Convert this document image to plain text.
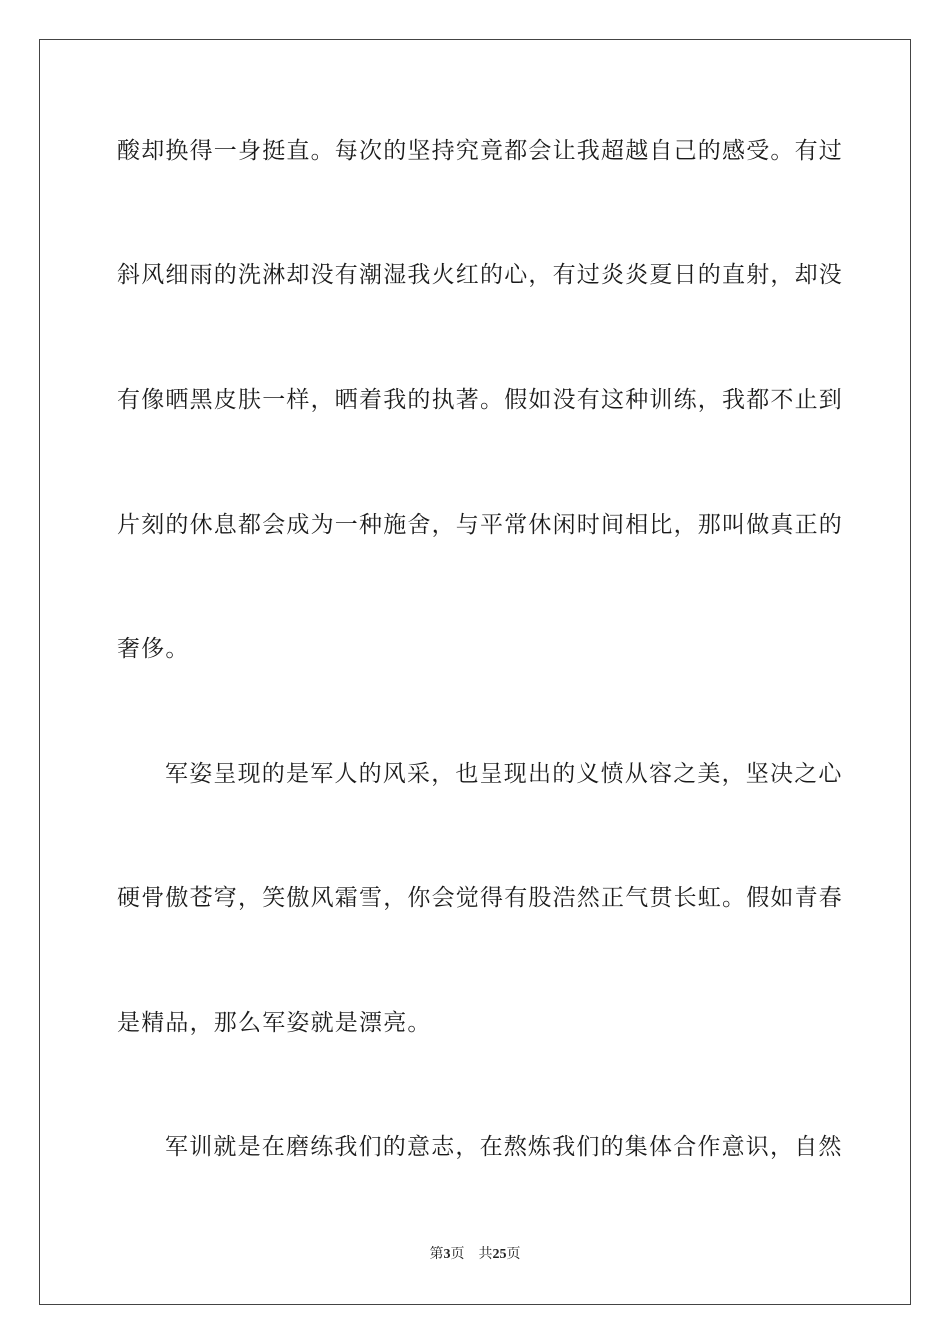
酸却换得一身挺直。每次的坚持究竟都会让我超越自己的感受。有过
斜风细雨的洗淋却没有潮湿我火红的心，有过炎炎夏日的直射，却没
有像晒黑皮肤一样，晒着我的执著。假如没有这种训练，我都不止到
片刻的休息都会成为一种施舍，与平常休闲时间相比，那叫做真正的
奢侈。
军姿呈现的是军人的风采，也呈现出的义愤从容之美，坚决之心
硬骨傲苍穹，笑傲风霜雪，你会觉得有股浩然正气贯长虹。假如青春
是精品，那么军姿就是漂亮。
军训就是在磨练我们的意志，在熬炼我们的集体合作意识，自然
第3页 共25页
